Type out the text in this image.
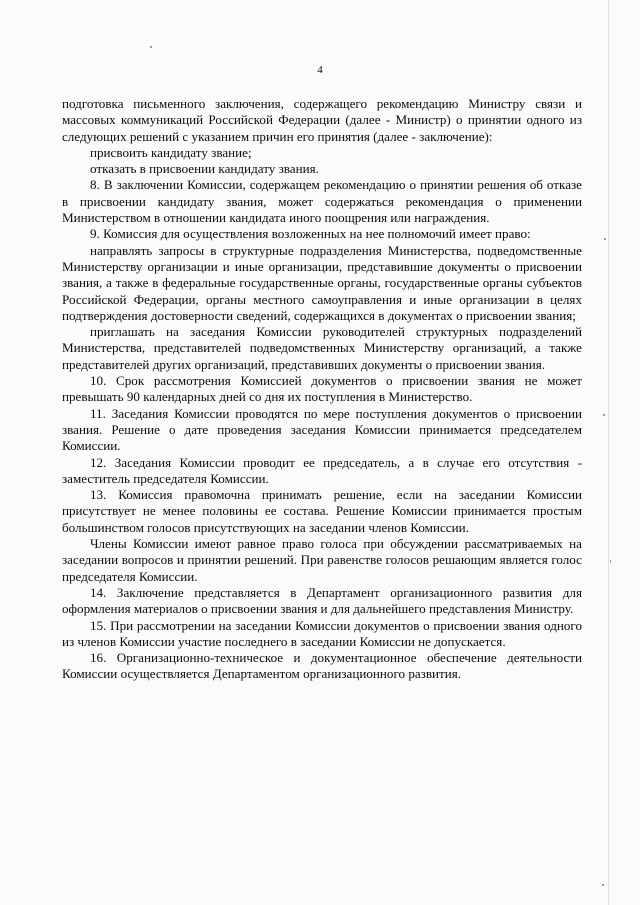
4

подготовка письменного заключения, содержащего рекомендацию Министру связи и массовых коммуникаций Российской Федерации (далее - Министр) о принятии одного из следующих решений с указанием причин его принятия (далее - заключение):

присвоить кандидату звание;

отказать в присвоении кандидату звания.

8. В заключении Комиссии, содержащем рекомендацию о принятии решения об отказе в присвоении кандидату звания, может содержаться рекомендация о применении Министерством в отношении кандидата иного поощрения или награждения.

9. Комиссия для осуществления возложенных на нее полномочий имеет право:

направлять запросы в структурные подразделения Министерства, подведомственные Министерству организации и иные организации, представившие документы о присвоении звания, а также в федеральные государственные органы, государственные органы субъектов Российской Федерации, органы местного самоуправления и иные организации в целях подтверждения достоверности сведений, содержащихся в документах о присвоении звания;

приглашать на заседания Комиссии руководителей структурных подразделений Министерства, представителей подведомственных Министерству организаций, а также представителей других организаций, представивших документы о присвоении звания.

10. Срок рассмотрения Комиссией документов о присвоении звания не может превышать 90 календарных дней со дня их поступления в Министерство.

11. Заседания Комиссии проводятся по мере поступления документов о присвоении звания. Решение о дате проведения заседания Комиссии принимается председателем Комиссии.

12. Заседания Комиссии проводит ее председатель, а в случае его отсутствия - заместитель председателя Комиссии.

13. Комиссия правомочна принимать решение, если на заседании Комиссии присутствует не менее половины ее состава. Решение Комиссии принимается простым большинством голосов присутствующих на заседании членов Комиссии.

Члены Комиссии имеют равное право голоса при обсуждении рассматриваемых на заседании вопросов и принятии решений. При равенстве голосов решающим является голос председателя Комиссии.

14. Заключение представляется в Департамент организационного развития для оформления материалов о присвоении звания и для дальнейшего представления Министру.

15. При рассмотрении на заседании Комиссии документов о присвоении звания одного из членов Комиссии участие последнего в заседании Комиссии не допускается.

16. Организационно-техническое и документационное обеспечение деятельности Комиссии осуществляется Департаментом организационного развития.
